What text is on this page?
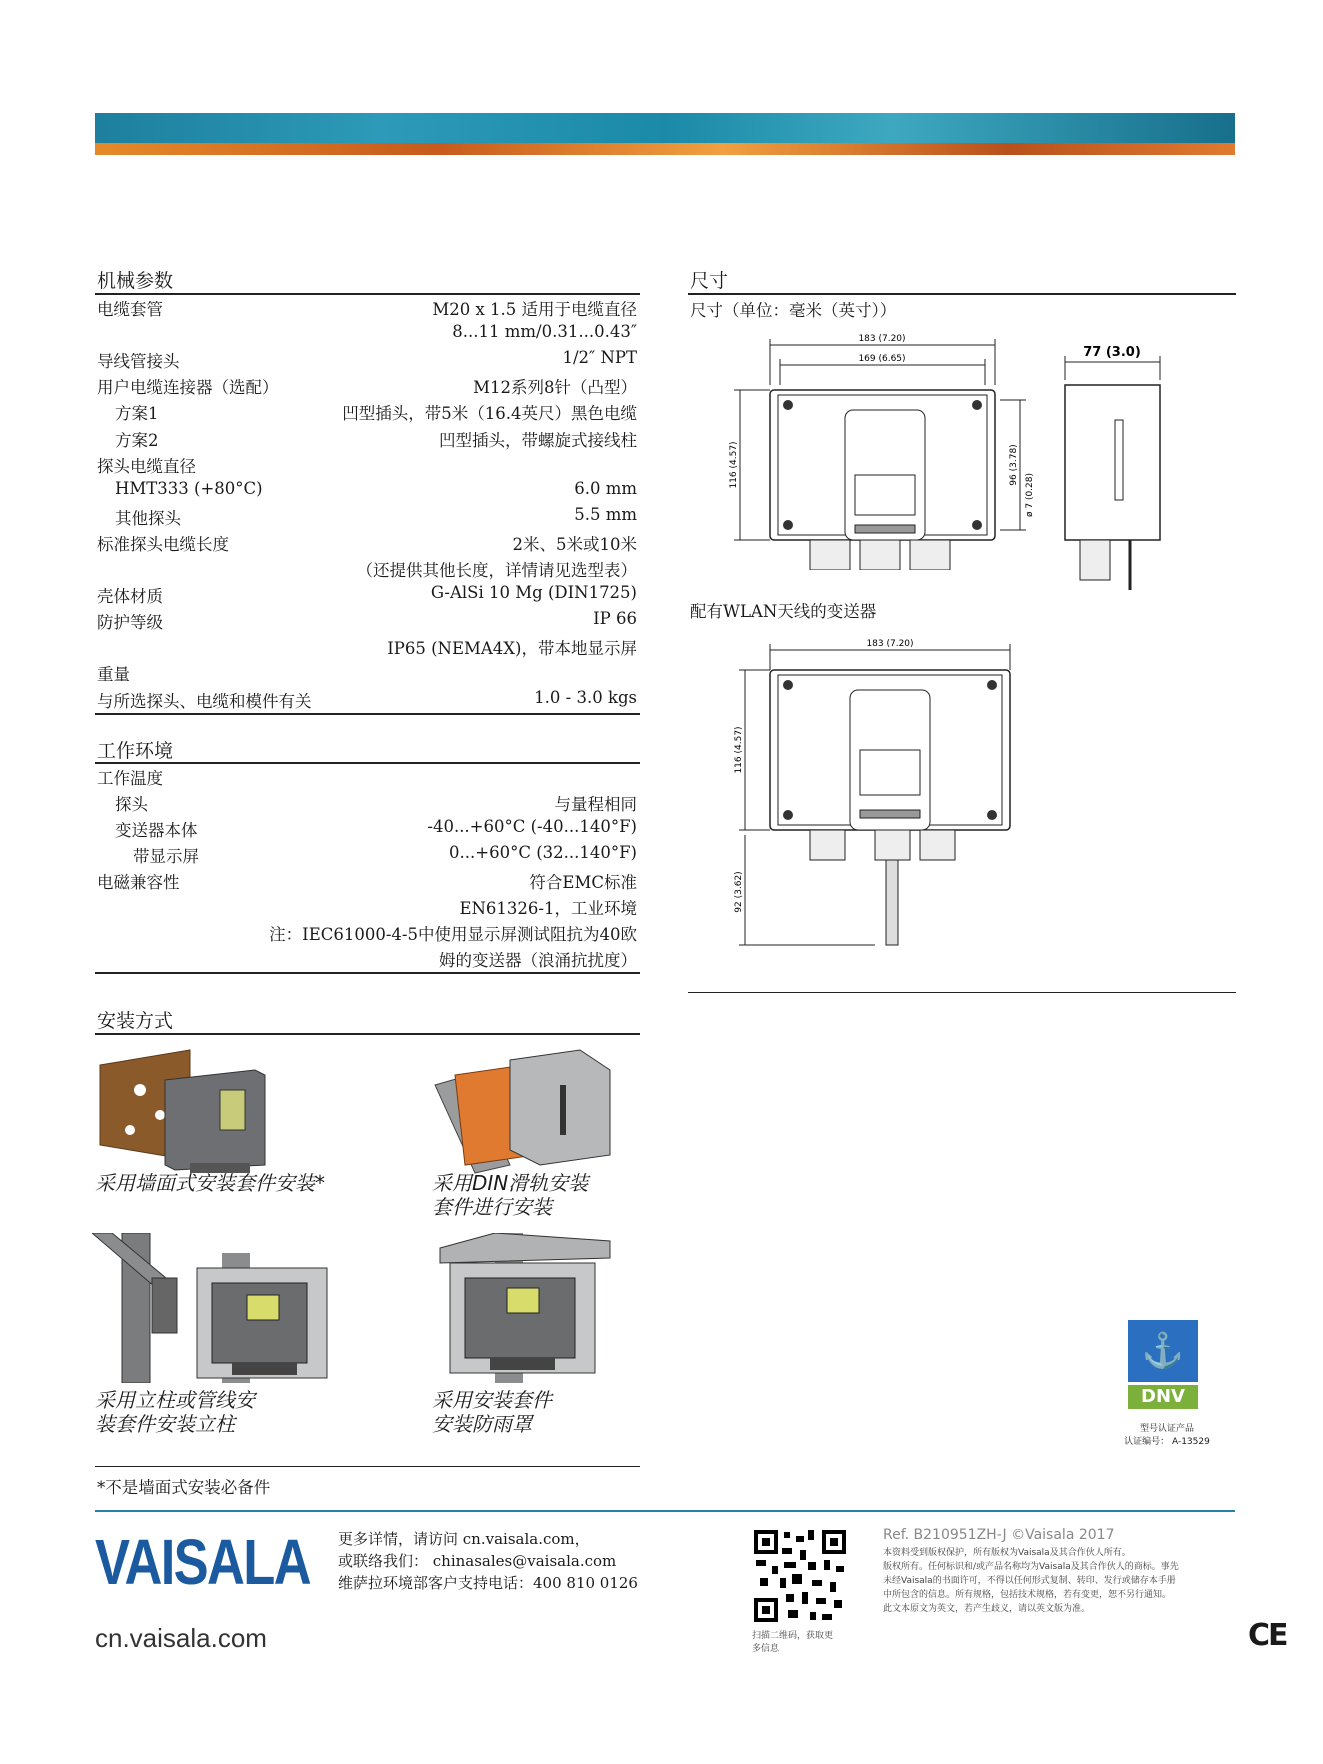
机械参数
电缆套管	M20 x 1.5 适用于电缆直径
8...11 mm/0.31...0.43″
导线管接头	1/2″ NPT
用户电缆连接器（选配）	M12系列8针（凸型）
方案1	凹型插头，带5米（16.4英尺）黑色电缆
方案2	凹型插头，带螺旋式接线柱
探头电缆直径
HMT333 (+80°C)	6.0 mm
其他探头	5.5 mm
标准探头电缆长度	2米、5米或10米
（还提供其他长度，详情请见选型表）
壳体材质	G-AlSi 10 Mg (DIN1725)
防护等级	IP 66
IP65 (NEMA4X)，带本地显示屏
重量
与所选探头、电缆和模件有关	1.0 - 3.0 kgs
工作环境
工作温度
探头	与量程相同
变送器本体	-40...+60°C (-40...140°F)
带显示屏	0...+60°C (32...140°F)
电磁兼容性	符合EMC标准
EN61326-1，工业环境
注：IEC61000-4-5中使用显示屏测试阻抗为40欧
姆的变送器（浪涌抗扰度）
安装方式
采用墙面式安装套件安装*	采用DIN滑轨安装
套件进行安装
采用立柱或管线安
装套件安装立柱
采用安装套件
安装防雨罩
*不是墙面式安装必备件
尺寸
尺寸（单位：毫米（英寸））
183 (7.20)
169 (6.65)
116 (4.57)	96 (3.78)
ø 7 (0.28)
77 (3.0)
配有WLAN天线的变送器
183 (7.20)
116 (4.57)
92 (3.62)
⚓
DNV
型号认证产品
认证编号： A-13529
VAISALA 更多详情，请访问 cn.vaisala.com，
或联络我们： chinasales@vaisala.com
维萨拉环境部客户支持电话：400 810 0126
cn.vaisala.com	扫描二维码，获取更
多信息
Ref. B210951ZH-J ©Vaisala 2017
本资料受到版权保护，所有版权为Vaisala及其合作伙人所有。
版权所有。任何标识和/或产品名称均为Vaisala及其合作伙人的商标。事先
未经Vaisala的书面许可，不得以任何形式复制、转印、发行或储存本手册
中所包含的信息。所有规格，包括技术规格，若有变更，恕不另行通知。
此文本原文为英文，若产生歧义，请以英文版为准。
CE
